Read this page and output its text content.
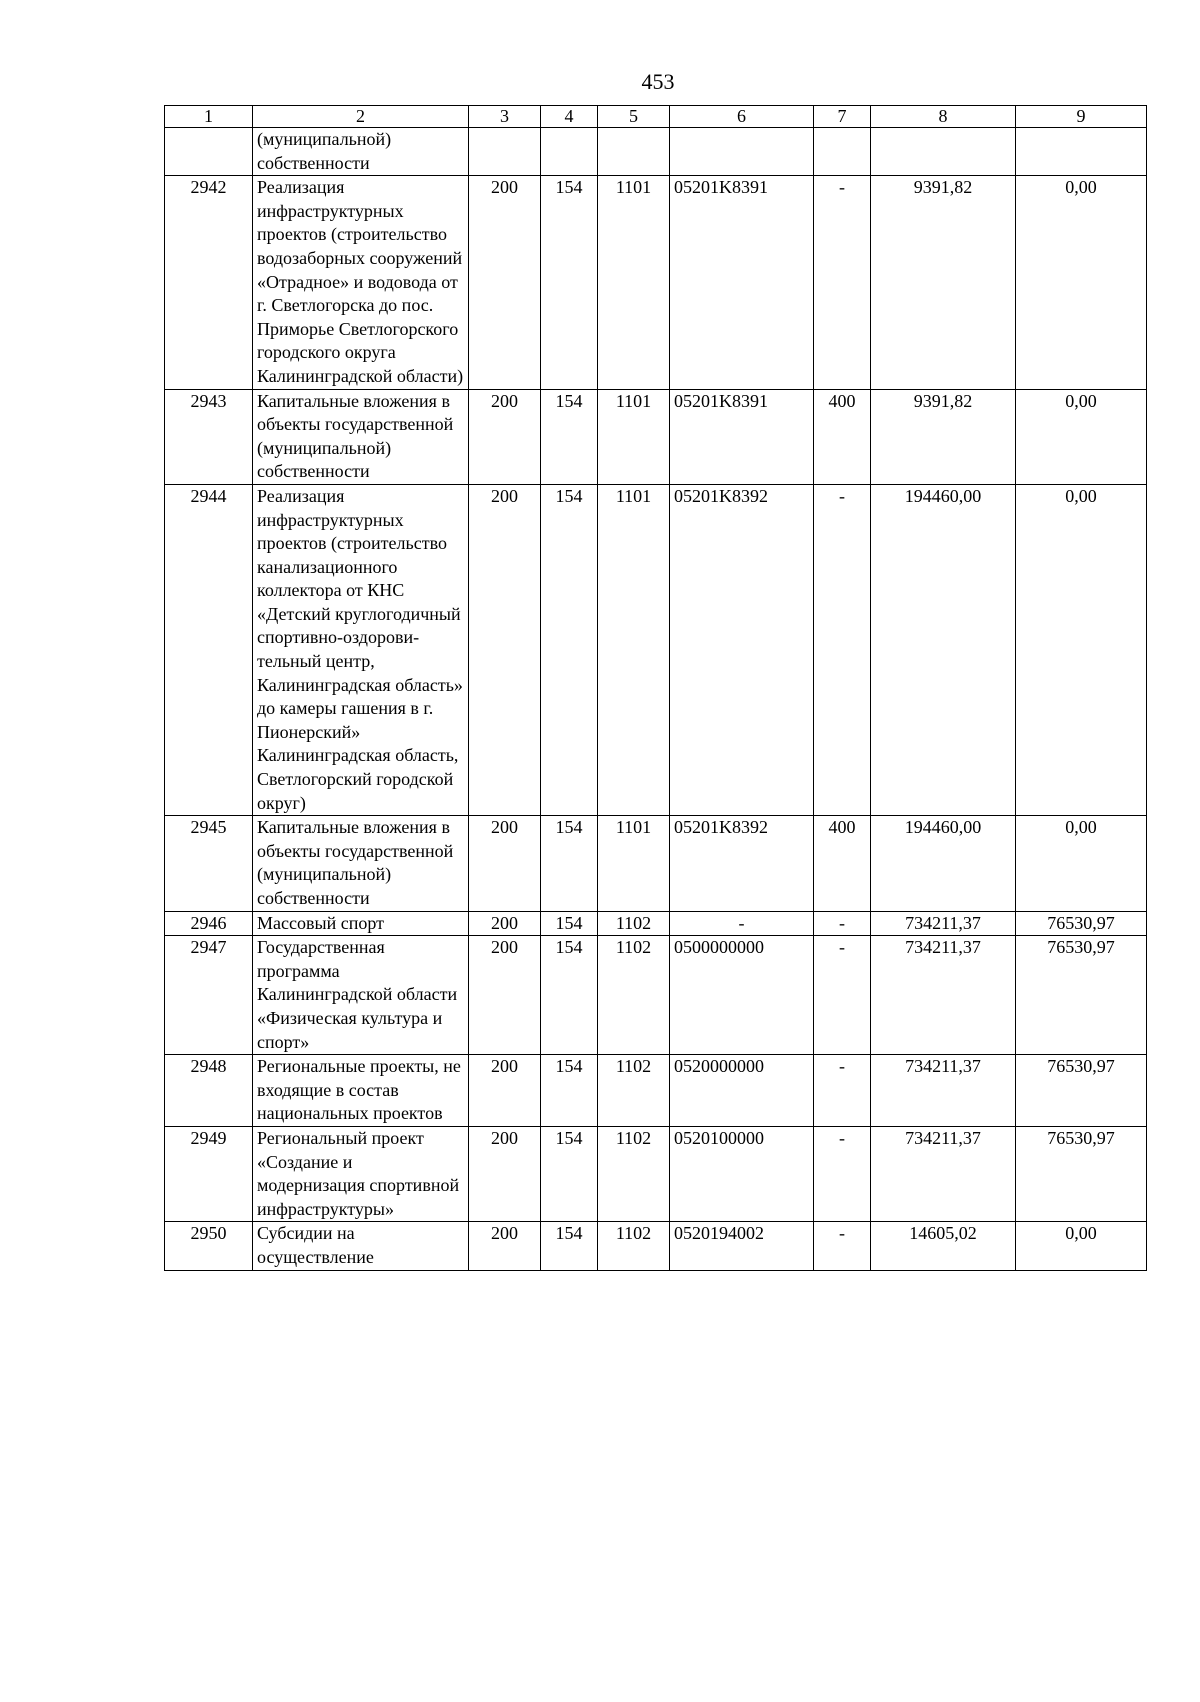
453
1	2	3	4	5	6	7	8	9
	(муниципальной) собственности							
2942	Реализация инфраструктурных проектов (строительство водозаборных сооружений «Отрадное» и водовода от г. Светлогорска до пос. Приморье Светлогорского городского округа Калининградской области)	200	154	1101	05201K8391	-	9391,82	0,00
2943	Капитальные вложения в объекты государственной (муниципальной) собственности	200	154	1101	05201K8391	400	9391,82	0,00
2944	Реализация инфраструктурных проектов (строительство канализационного коллектора от КНС «Детский круглогодичный спортивно-оздорови-тельный центр, Калининградская область» до камеры гашения в г. Пионерский» Калининградская область, Светлогорский городской округ)	200	154	1101	05201K8392	-	194460,00	0,00
2945	Капитальные вложения в объекты государственной (муниципальной) собственности	200	154	1101	05201K8392	400	194460,00	0,00
2946	Массовый спорт	200	154	1102	-	-	734211,37	76530,97
2947	Государственная программа Калининградской области «Физическая культура и спорт»	200	154	1102	0500000000	-	734211,37	76530,97
2948	Региональные проекты, не входящие в состав национальных проектов	200	154	1102	0520000000	-	734211,37	76530,97
2949	Региональный проект «Создание и модернизация спортивной инфраструктуры»	200	154	1102	0520100000	-	734211,37	76530,97
2950	Субсидии на осуществление	200	154	1102	0520194002	-	14605,02	0,00
